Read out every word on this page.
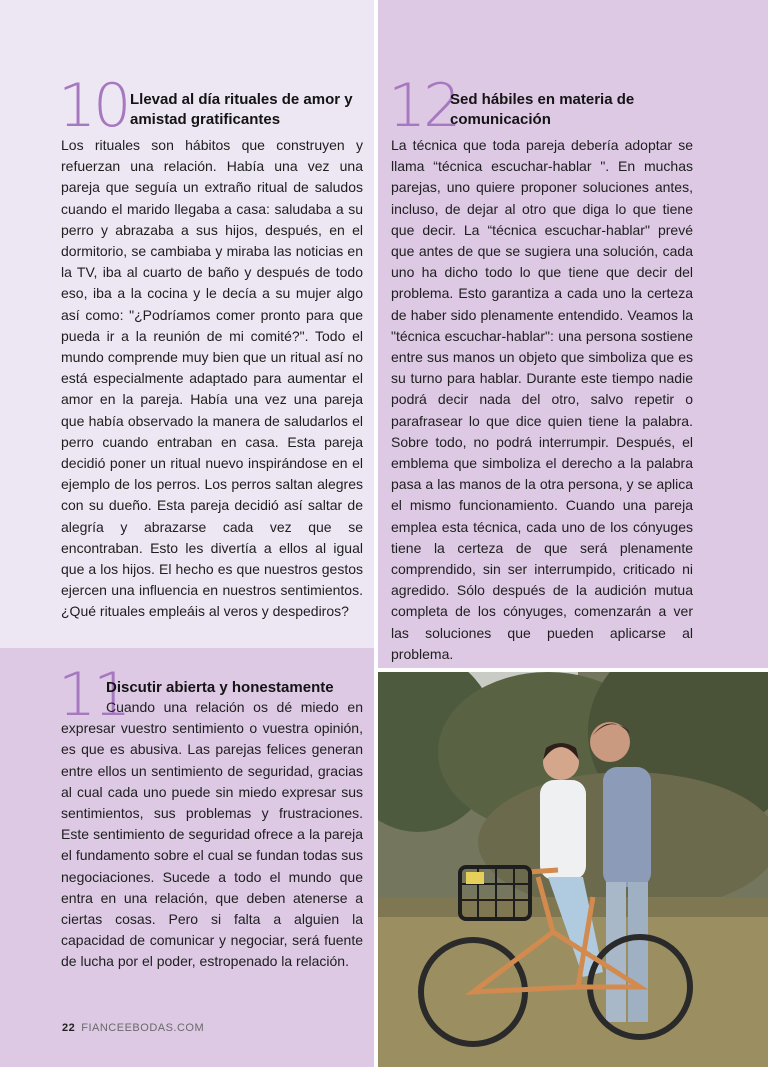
10 Llevad al día rituales de amor y amistad gratificantes
Los rituales son hábitos que construyen y refuerzan una relación. Había una vez una pareja que seguía un extraño ritual de saludos cuando el marido llegaba a casa: saludaba a su perro y abrazaba a sus hijos, después, en el dormitorio, se cambiaba y miraba las noticias en la TV, iba al cuarto de baño y después de todo eso, iba a la cocina y le decía a su mujer algo así como: "¿Podríamos comer pronto para que pueda ir a la reunión de mi comité?". Todo el mundo comprende muy bien que un ritual así no está especialmente adaptado para aumentar el amor en la pareja. Había una vez una pareja que había observado la manera de saludarlos el perro cuando entraban en casa. Esta pareja decidió poner un ritual nuevo inspirándose en el ejemplo de los perros. Los perros saltan alegres con su dueño. Esta pareja decidió así saltar de alegría y abrazarse cada vez que se encontraban. Esto les divertía a ellos al igual que a los hijos. El hecho es que nuestros gestos ejercen una influencia en nuestros sentimientos. ¿Qué rituales empleáis al veros y despediros?
11
Discutir abierta y honestamente
Cuando una relación os dé miedo en expresar vuestro sentimiento o vuestra opinión, es que es abusiva. Las parejas felices generan entre ellos un sentimiento de seguridad, gracias al cual cada uno puede sin miedo expresar sus sentimientos, sus problemas y frustraciones. Este sentimiento de seguridad ofrece a la pareja el fundamento sobre el cual se fundan todas sus negociaciones. Sucede a todo el mundo que entra en una relación, que deben atenerse a ciertas cosas. Pero si falta a alguien la capacidad de comunicar y negociar, será fuente de lucha por el poder, estropenado la relación.
12
Sed hábiles en materia de comunicación
La técnica que toda pareja debería adoptar se llama “técnica escuchar-hablar ". En muchas parejas, uno quiere proponer soluciones antes, incluso, de dejar al otro que diga lo que tiene que decir. La “técnica escuchar-hablar" prevé que antes de que se sugiera una solución, cada uno ha dicho todo lo que tiene que decir del problema. Esto garantiza a cada uno la certeza de haber sido plenamente entendido. Veamos la "técnica escuchar-hablar": una persona sostiene entre sus manos un objeto que simboliza que es su turno para hablar. Durante este tiempo nadie podrá decir nada del otro, salvo repetir o parafrasear lo que dice quien tiene la palabra. Sobre todo, no podrá interrumpir. Después, el emblema que simboliza el derecho a la palabra pasa a las manos de la otra persona, y se aplica el mismo funcionamiento. Cuando una pareja emplea esta técnica, cada uno de los cónyuges tiene la certeza de que será plenamente comprendido, sin ser interrumpido, criticado ni agredido. Sólo después de la audición mutua completa de los cónyuges, comenzarán a ver las soluciones que pueden aplicarse al problema.
22 FIANCEEBODAS.COM
